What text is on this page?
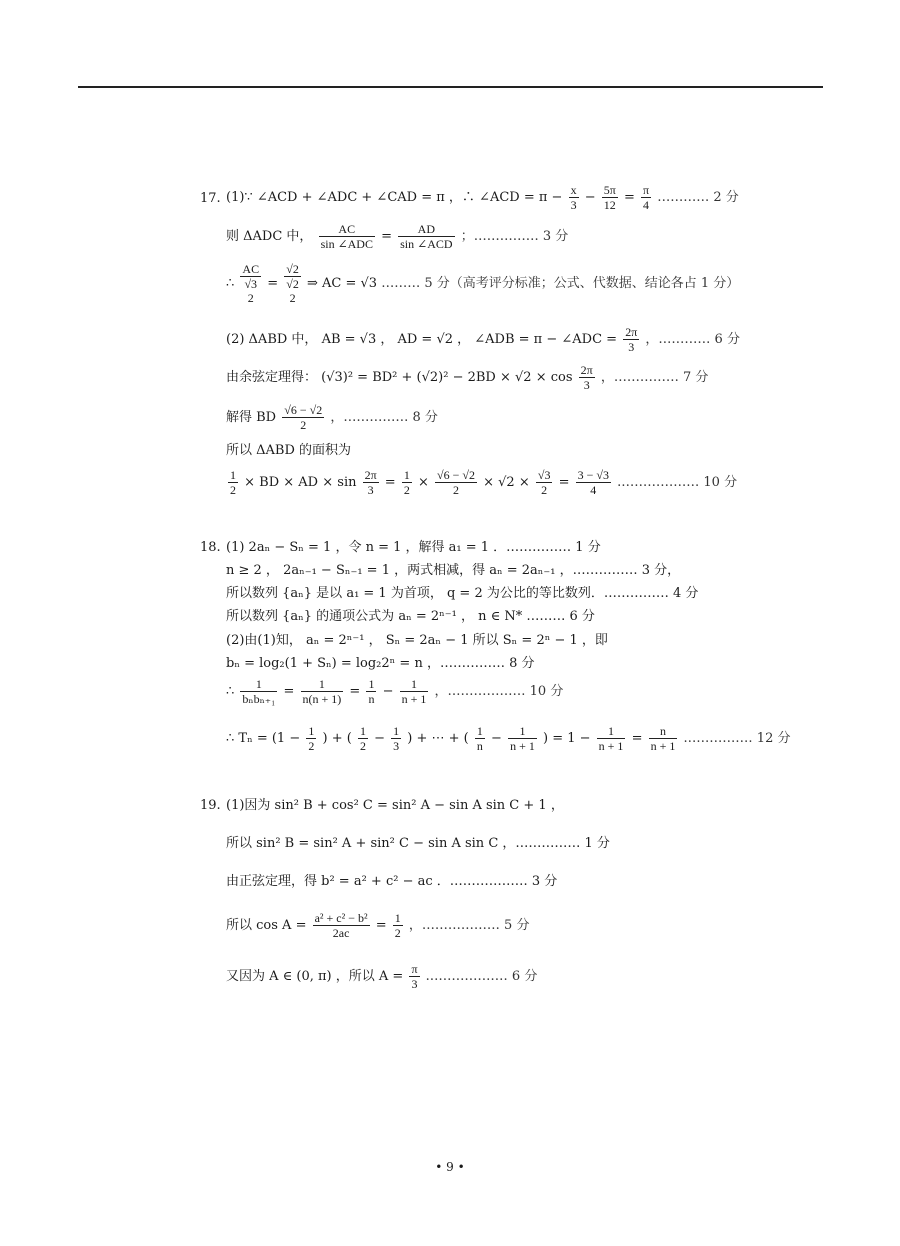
17. (1)∵ ∠ACD + ∠ADC + ∠CAD = π ，∴ ∠ACD = $\pi - \frac{x}{3} - \frac{5\pi}{12} = \frac{\pi}{4}$ ………… 2 分
则 ΔADC 中， $\frac{AC}{\text{sin ∠ADC}} = \frac{AD}{\text{sin ∠ACD}}$ ；…………… 3 分
∴
AC
√3
2
=
√2
√2
2
⇒ AC = √3 ……… 5 分（高考评分标准；公式、代数据、结论各占 1 分）
(2) ΔABD 中， AB = √3 ， AD = √2 ， ∠ADB = π − ∠ADC = $\frac{2\pi}{3}$ ，………… 6 分
由余弦定理得： $(√3)^2 = BD^2 + (√2)^2 - 2BD \times √2 \times \cos \frac{2\pi}{3}$ ，…………… 7 分
解得 BD $\frac{√6 - √2}{2}$ ，…………… 8 分
所以 ΔABD 的面积为
$\frac{1}{2}$ × BD × AD × $\sin \frac{2\pi}{3} = \frac{1}{2} \times \frac{√6 - √2}{2} \times √2 \times \frac{√3}{2} = \frac{3 - √3}{4}$ .……………… 10 分
18. (1) 2aₙ − Sₙ = 1 ，令 n = 1 ，解得 a₁ = 1 ．…………… 1 分
n ≥ 2 ， 2aₙ₋₁ − Sₙ₋₁ = 1 ，两式相减，得 aₙ = 2aₙ₋₁ ，…………… 3 分，
所以数列 {aₙ} 是以 a₁ = 1 为首项， q = 2 为公比的等比数列．…………… 4 分
所以数列 {aₙ} 的通项公式为 aₙ = 2ⁿ⁻¹ ， n ∈ N* ……… 6 分
(2)由(1)知， aₙ = 2ⁿ⁻¹ ， Sₙ = 2aₙ − 1 所以 Sₙ = 2ⁿ − 1 ，即
bₙ = log₂(1 + Sₙ) = log₂2ⁿ = n ，…………… 8 分
∴ $\frac{1}{\text{bₙbₙ₊₁}} = \frac{1}{n(n + 1)} = \frac{1}{n} - \frac{1}{n + 1}$ ，……………… 10 分
∴ $T_n = (1 - \frac{1}{2}$ ) + ( $\frac{1}{2} - \frac{1}{3}$ ) + ⋯ + ( $\frac{1}{n} - \frac{1}{n + 1}$ ) = $1 - \frac{1}{n + 1} = \frac{n}{n + 1}$ .…………… 12 分
19. (1)因为 sin² B + cos² C = sin² A − sin A sin C + 1 ，
所以 sin² B = sin² A + sin² C − sin A sin C ，…………… 1 分
由正弦定理，得 b² = a² + c² − ac ．……………… 3 分
所以 $\cos A = \frac{\text{a² + c² − b²}}{2ac} = \frac{1}{2}$ ，……………… 5 分
又因为 A ∈ (0, π) ，所以 $A = \frac{\pi}{3}$ .……………… 6 分
• 9 •
